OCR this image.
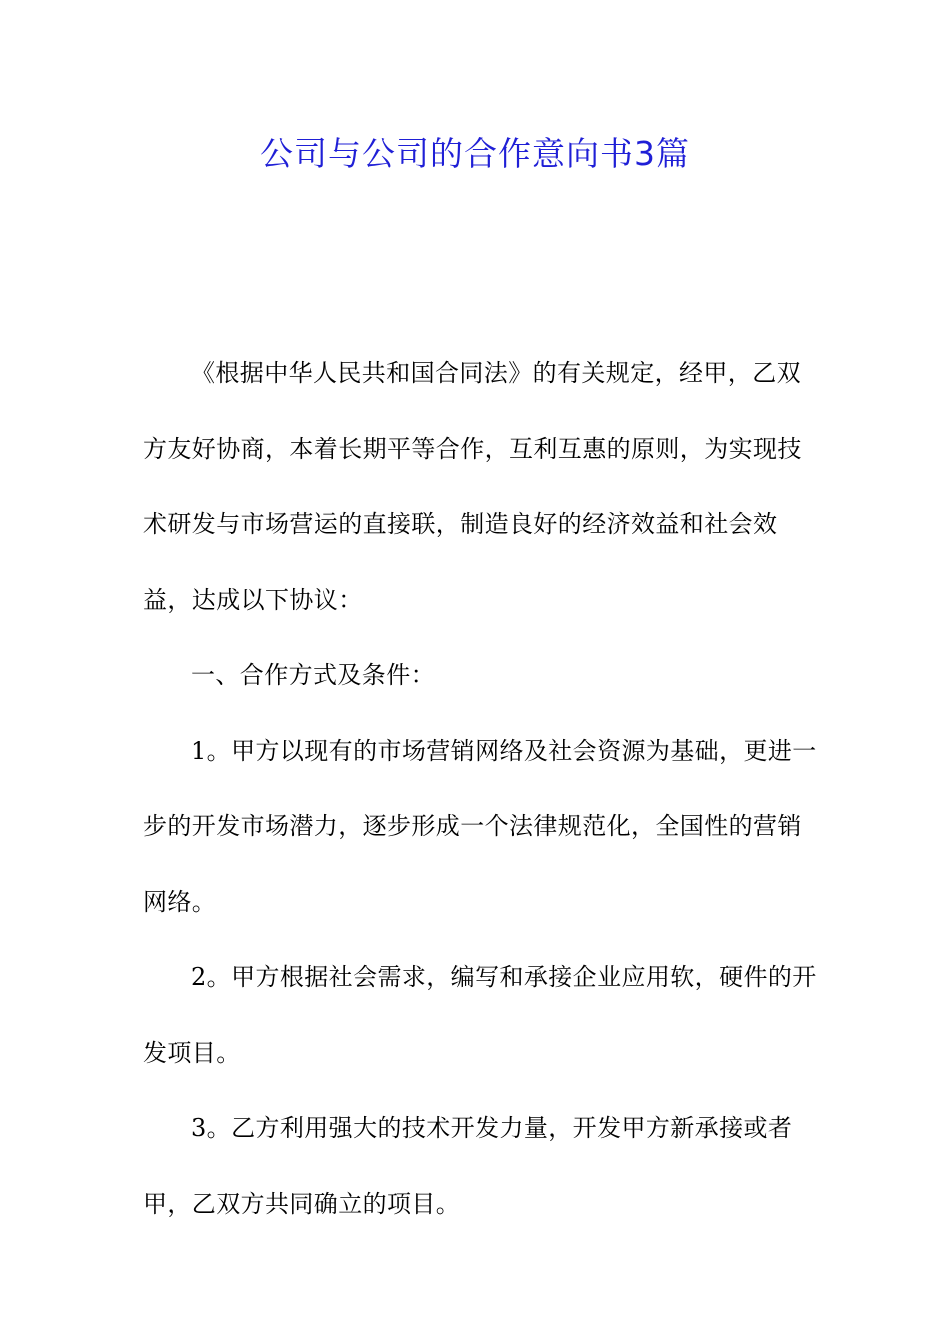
公司与公司的合作意向书3篇

《根据中华人民共和国合同法》的有关规定，经甲，乙双方友好协商，本着长期平等合作，互利互惠的原则，为实现技术研发与市场营运的直接联，制造良好的经济效益和社会效益，达成以下协议：

一、合作方式及条件：

1。甲方以现有的市场营销网络及社会资源为基础，更进一步的开发市场潜力，逐步形成一个法律规范化，全国性的营销网络。

2。甲方根据社会需求，编写和承接企业应用软，硬件的开发项目。

3。乙方利用强大的技术开发力量，开发甲方新承接或者甲，乙双方共同确立的项目。
